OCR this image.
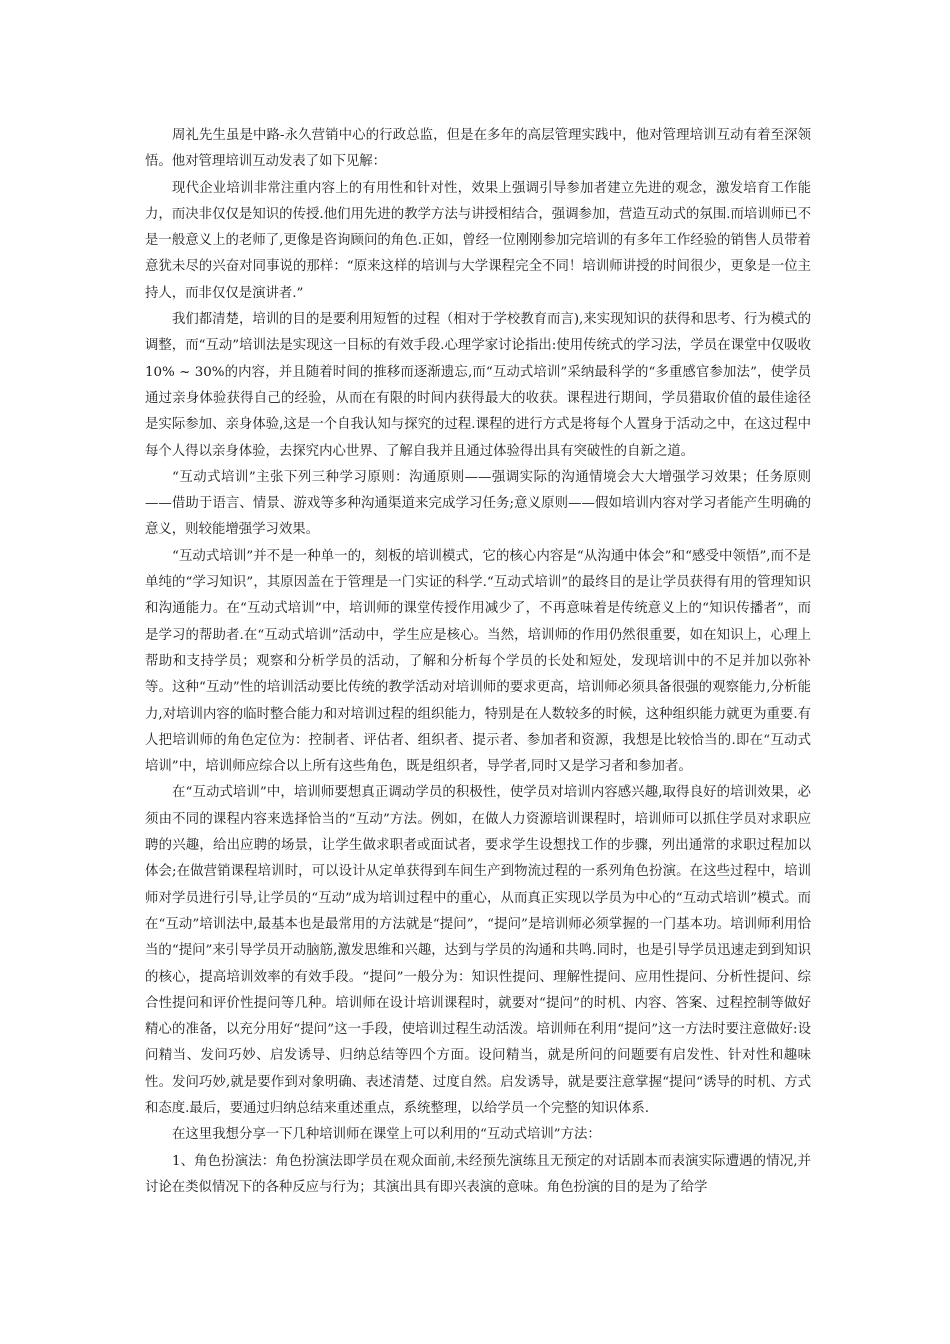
周礼先生虽是中路-永久营销中心的行政总监，但是在多年的高层管理实践中，他对管理培训互动有着至深领悟。他对管理培训互动发表了如下见解：

现代企业培训非常注重内容上的有用性和针对性，效果上强调引导参加者建立先进的观念，激发培育工作能力，而决非仅仅是知识的传授.他们用先进的教学方法与讲授相结合，强调参加，营造互动式的氛围.而培训师已不是一般意义上的老师了,更像是咨询顾问的角色.正如，曾经一位刚刚参加完培训的有多年工作经验的销售人员带着意犹未尽的兴奋对同事说的那样：“原来这样的培训与大学课程完全不同！培训师讲授的时间很少，更象是一位主持人，而非仅仅是演讲者.”

我们都清楚，培训的目的是要利用短暂的过程（相对于学校教育而言),来实现知识的获得和思考、行为模式的调整，而“互动”培训法是实现这一目标的有效手段.心理学家讨论指出:使用传统式的学习法，学员在课堂中仅吸收10% ~ 30%的内容，并且随着时间的推移而逐渐遗忘,而“互动式培训”采纳最科学的“多重感官参加法”，使学员通过亲身体验获得自己的经验，从而在有限的时间内获得最大的收获。课程进行期间，学员猎取价值的最佳途径是实际参加、亲身体验,这是一个自我认知与探究的过程.课程的进行方式是将每个人置身于活动之中，在这过程中每个人得以亲身体验，去探究内心世界、了解自我并且通过体验得出具有突破性的自新之道。

“互动式培训”主张下列三种学习原则：沟通原则——强调实际的沟通情境会大大增强学习效果；任务原则——借助于语言、情景、游戏等多种沟通渠道来完成学习任务;意义原则——假如培训内容对学习者能产生明确的意义，则较能增强学习效果。

“互动式培训”并不是一种单一的，刻板的培训模式，它的核心内容是“从沟通中体会”和“感受中领悟”,而不是单纯的“学习知识”，其原因盖在于管理是一门实证的科学.“互动式培训”的最终目的是让学员获得有用的管理知识和沟通能力。在“互动式培训”中，培训师的课堂传授作用减少了，不再意味着是传统意义上的“知识传播者”，而是学习的帮助者.在“互动式培训”活动中，学生应是核心。当然，培训师的作用仍然很重要，如在知识上，心理上帮助和支持学员；观察和分析学员的活动，了解和分析每个学员的长处和短处，发现培训中的不足并加以弥补等。这种“互动”性的培训活动要比传统的教学活动对培训师的要求更高，培训师必须具备很强的观察能力,分析能力,对培训内容的临时整合能力和对培训过程的组织能力，特别是在人数较多的时候，这种组织能力就更为重要.有人把培训师的角色定位为：控制者、评估者、组织者、提示者、参加者和资源，我想是比较恰当的.即在“互动式培训”中，培训师应综合以上所有这些角色，既是组织者，导学者,同时又是学习者和参加者。

在“互动式培训”中，培训师要想真正调动学员的积极性，使学员对培训内容感兴趣,取得良好的培训效果，必须由不同的课程内容来选择恰当的“互动”方法。例如，在做人力资源培训课程时，培训师可以抓住学员对求职应聘的兴趣，给出应聘的场景，让学生做求职者或面试者，要求学生设想找工作的步骤，列出通常的求职过程加以体会;在做营销课程培训时，可以设计从定单获得到车间生产到物流过程的一系列角色扮演。在这些过程中，培训师对学员进行引导,让学员的“互动”成为培训过程中的重心，从而真正实现以学员为中心的“互动式培训”模式。而在“互动”培训法中,最基本也是最常用的方法就是“提问”，“提问”是培训师必须掌握的一门基本功。培训师利用恰当的“提问”来引导学员开动脑筋,激发思维和兴趣，达到与学员的沟通和共鸣.同时，也是引导学员迅速走到到知识的核心，提高培训效率的有效手段。“提问”一般分为：知识性提问、理解性提问、应用性提问、分析性提问、综合性提问和评价性提问等几种。培训师在设计培训课程时，就要对“提问”的时机、内容、答案、过程控制等做好精心的准备，以充分用好“提问”这一手段，使培训过程生动活泼。培训师在利用“提问”这一方法时要注意做好:设问精当、发问巧妙、启发诱导、归纳总结等四个方面。设问精当，就是所问的问题要有启发性、针对性和趣味性。发问巧妙,就是要作到对象明确、表述清楚、过度自然。启发诱导，就是要注意掌握“提问“诱导的时机、方式和态度.最后，要通过归纳总结来重述重点，系统整理，以给学员一个完整的知识体系.

在这里我想分享一下几种培训师在课堂上可以利用的“互动式培训”方法：

1、角色扮演法：角色扮演法即学员在观众面前,未经预先演练且无预定的对话剧本而表演实际遭遇的情况,并讨论在类似情况下的各种反应与行为；其演出具有即兴表演的意味。角色扮演的目的是为了给学
